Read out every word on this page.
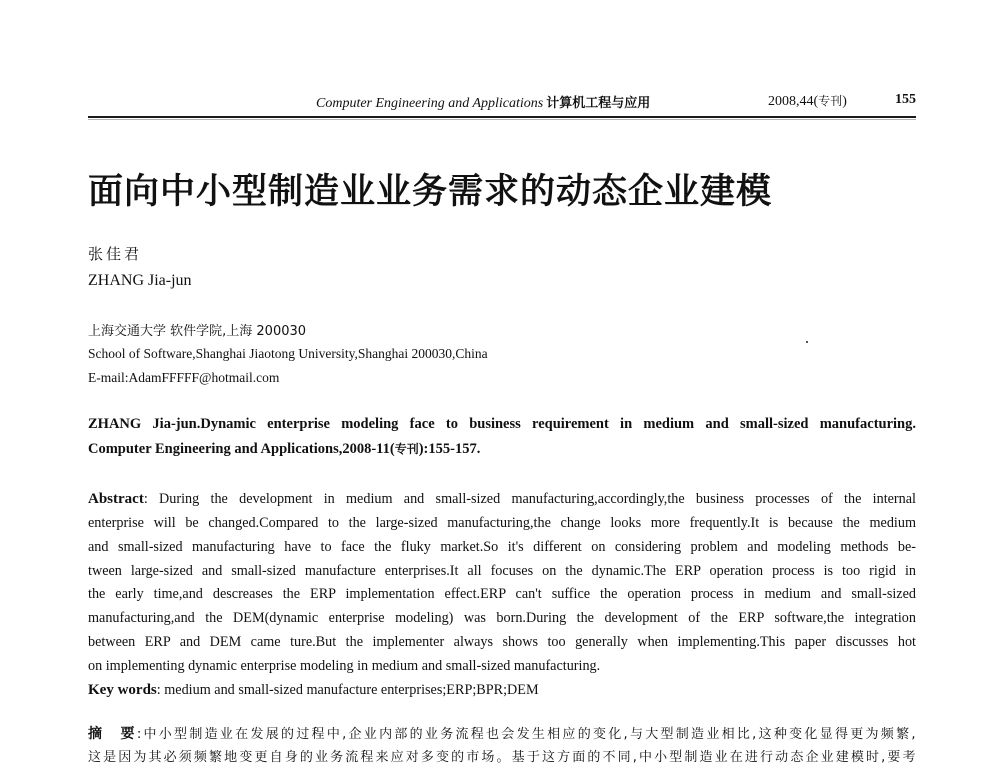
Computer Engineering and Applications 计算机工程与应用	2008,44(专刊)	155
面向中小型制造业业务需求的动态企业建模
张佳君
ZHANG Jia-jun
上海交通大学 软件学院,上海 200030
School of Software,Shanghai Jiaotong University,Shanghai 200030,China
E-mail:AdamFFFFF@hotmail.com
ZHANG Jia-jun.Dynamic enterprise modeling face to business requirement in medium and small-sized manufacturing.
Computer Engineering and Applications,2008-11(专刊):155-157.
Abstract: During the development in medium and small-sized manufacturing,accordingly,the business processes of the internal
enterprise will be changed.Compared to the large-sized manufacturing,the change looks more frequently.It is because the medium
and small-sized manufacturing have to face the fluky market.So it's different on considering problem and modeling methods be-
tween large-sized and small-sized manufacture enterprises.It all focuses on the dynamic.The ERP operation process is too rigid in
the early time,and descreases the ERP implementation effect.ERP can't suffice the operation process in medium and small-sized
manufacturing,and the DEM(dynamic enterprise modeling) was born.During the development of the ERP software,the integration
between ERP and DEM came ture.But the implementer always shows too generally when implementing.This paper discusses hot
on implementing dynamic enterprise modeling in medium and small-sized manufacturing.
Key words: medium and small-sized manufacture enterprises;ERP;BPR;DEM
摘　要:中小型制造业在发展的过程中,企业内部的业务流程也会发生相应的变化,与大型制造业相比,这种变化显得更为频繁,
这是因为其必须频繁地变更自身的业务流程来应对多变的市场。基于这方面的不同,中小型制造业在进行动态企业建模时,要考
